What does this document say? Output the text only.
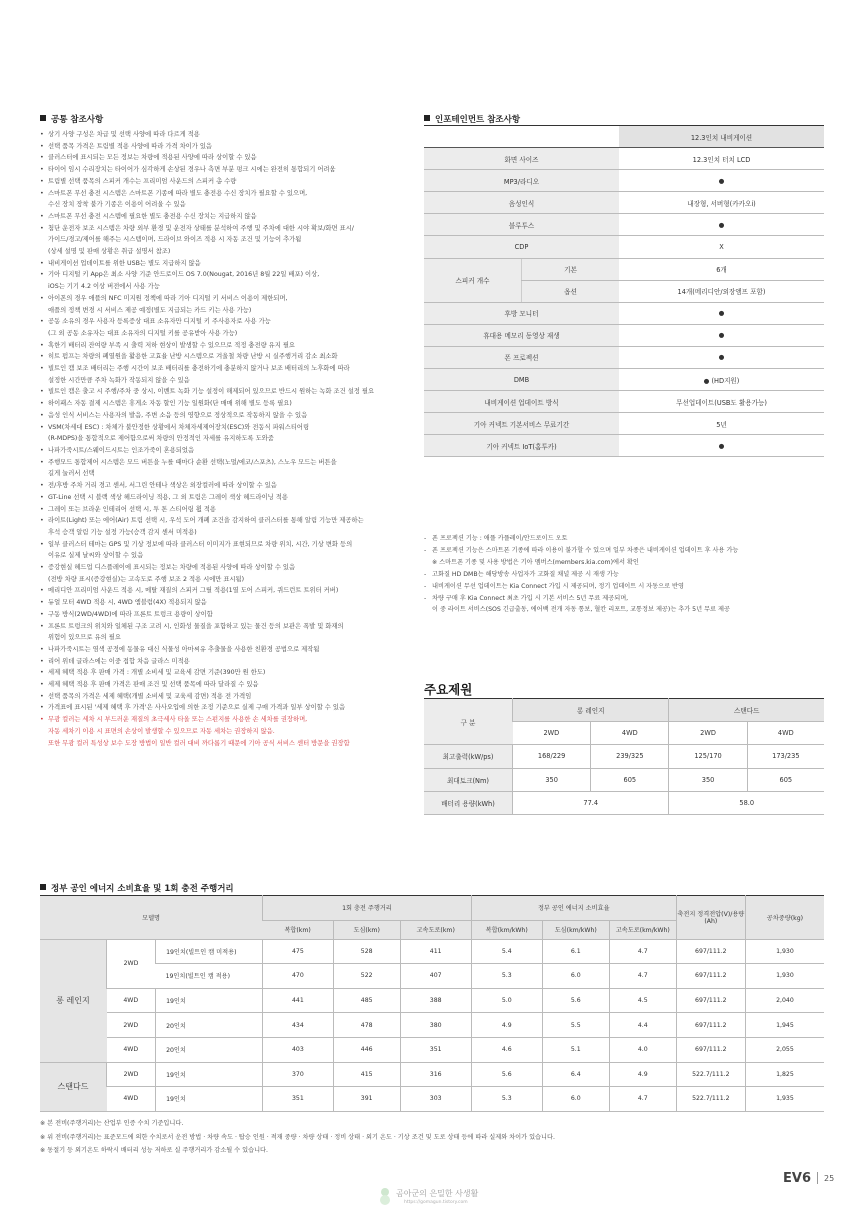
공통 참조사항
• 상기 사양 구성은 차급 및 선택 사양에 따라 다르게 적용
• 선택 품목 가격은 트림별 적용 사양에 따라 가격 차이가 있음
• 클러스터에 표시되는 모든 정보는 차량에 적용된 사양에 따라 상이할 수 있음
• 타이어 임시 수리장치는 타이어가 심각하게 손상된 경우나 측면 부분 펑크 시에는 완전히 통합되기 어려움
• 트림별 선택 품목의 스피커 개수는 프리미엄 사운드의 스피커 총 수량
• 스마트폰 무선 충전 시스템은 스마트폰 기종에 따라 별도 충전용 수신 장치가 필요할 수 있으며,
수신 장치 장착 불가 기종은 이용이 어려울 수 있음
• 스마트폰 무선 충전 시스템에 필요한 별도 충전용 수신 장치는 지급하지 않음
• 첨단 운전자 보조 시스템은 차량 외부 환경 및 운전자 상태를 분석하여 주행 및 주차에 대한 시야 확보/화면 표시/
가이드/경고/제어를 해주는 시스템이며, 드라이브 와이즈 적용 시 자동 조건 및 기능이 추가됨
(상세 설명 및 판매 상황은 취급 설명서 참조)
• 내비게이션 업데이트를 위한 USB는 별도 지급하지 않음
• 기아 디지털 키 App은 최소 사양 기준 안드로이드 OS 7.0(Nougat, 2016년 8월 22일 배포) 이상,
iOS는 기기 4.2 이상 버전에서 사용 가능
• 아이폰의 경우 애플의 NFC 미지원 정책에 따라 기아 디지털 키 서비스 이용이 제한되며,
애플의 정책 변경 시 서비스 제공 예정(별도 지급되는 카드 키는 사용 가능)
• 공동 소유의 경우 사용자 등록증상 대표 소유자만 디지털 키 주사용자로 사용 가능
(그 외 공동 소유자는 대표 소유자의 디지털 키를 공유받아 사용 가능)
• 혹한기 배터리 잔여량 부족 시 출력 저하 현상이 발생할 수 있으므로 적정 충전량 유지 필요
• 히트 펌프는 차량의 폐열원을 활용한 고효율 난방 시스템으로 겨울철 차량 난방 시 실주행거리 감소 최소화
• 빌트인 캠 보조 배터리는 주행 시간이 보조 배터리를 충전하기에 충분하지 않거나 보조 배터리의 노후화에 따라
설정한 시간만큼 주차 녹화가 작동되지 않을 수 있음
• 빌트인 캠은 출고 시 주행/주차 중 상시, 이벤트 녹화 기능 설정이 해제되어 있으므로 반드시 원하는 녹화 조건 설정 필요
• 하이패스 자동 결제 시스템은 휴게소 자동 할인 기능 일원화(단 매매 위해 별도 등록 필요)
• 음성 인식 서비스는 사용자의 발음, 주변 소음 등의 영향으로 정상적으로 작동하지 않을 수 있음
• VSM(차세대 ESC) : 차체가 불안정한 상황에서 차체자세제어장치(ESC)와 전동식 파워스티어링
(R-MDPS)을 통합적으로 제어함으로써 차량의 안정적인 자세를 유지하도록 도와줌
• 나파가죽시트/스웨이드시트는 인조가죽이 혼용되었음
• 주행모드 통합제어 시스템은 모드 버튼을 누를 때마다 순환 선택(노멀/에코/스포츠), 스노우 모드는 버튼을
길게 눌러서 선택
• 전/후방 주차 거리 경고 센서, 서그린 안테나 색상은 외장컬러에 따라 상이할 수 있음
• GT-Line 선택 시 블랙 색상 헤드라이닝 적용, 그 외 트림은 그레이 색상 헤드라이닝 적용
• 그레이 또는 브라운 인테리어 선택 시, 투 톤 스티어링 휠 적용
• 라이트(Light) 또는 에어(Air) 트림 선택 시, 우석 도어 개폐 조건을 감지하여 클러스터를 통해 알림 기능만 제공하는
후석 승객 알림 기능 설정 가능(승객 감지 센서 미적용)
• 일부 클러스터 테마는 GPS 및 기상 정보에 따라 클러스터 이미지가 표현되므로 차량 위치, 시간, 기상 변화 등의
이유로 실제 날씨와 상이할 수 있음
• 증강현실 헤드업 디스플레이에 표시되는 정보는 차량에 적용된 사양에 따라 상이할 수 있음
(전방 차량 표시(증강현실)는 고속도로 주행 보조 2 적용 시에만 표시됨)
• 메리디안 프리미엄 사운드 적용 시, 메탈 재질의 스피커 그릴 적용(1열 도어 스피커, 퀴드런트 트위터 커버)
• 듀얼 모터 4WD 적용 시, 4WD 엠블럼(4X) 적용되지 않음
• 구동 방식(2WD/4WD)에 따라 프론트 트렁크 용량이 상이함
• 프론트 트렁크의 위치와 일체된 구조 고려 시, 인화성 물질을 포함하고 있는 물건 등의 보관은 폭발 및 화재의
위험이 있으므로 유의 필요
• 나파가죽시트는 염색 공정에 동물유 대신 식물성 아마씨유 추출물을 사용한 친환경 공법으로 제작됨
• 리어 위데 글라스에는 이중 접합 차음 글라스 미적용
• 세제 혜택 적용 후 판매 가격 : 개별 소비세 및 교육세 감면 기준(390만 원 한도)
• 세제 혜택 적용 후 판매 가격은 판매 조건 및 선택 품목에 따라 달라질 수 있음
• 선택 품목의 가격은 세제 혜택(개별 소비세 및 교육세 감면) 적용 전 가격임
• 가격표에 표시된 '세제 혜택 후 가격'은 사사오입에 의한 조정 기준으로 실제 구매 가격과 일부 상이할 수 있음
• 무광 컬러는 세차 시 부드러운 재질의 초극세사 타올 또는 스펀지를 사용한 손 세차를 권장하며,
자동 세차기 이용 시 표면의 손상이 발생할 수 있으므로 자동 세차는 권장하지 않음.
또한 무광 컬러 특성상 보수 도장 방법이 일반 컬러 대비 까다롭기 때문에 기아 공식 서비스 센터 방문을 권장함
인포테인먼트 참조사항
		12.3인치 내비게이션
화면 사이즈		12.3인치 터치 LCD
MP3/라디오		●
음성인식		내장형, 서버형(카카오i)
블루투스		●
CDP		X
스피커 개수	기본	6개
	옵션	14개(메리디안/외장앰프 포함)
후방 모니터		●
휴대용 메모리 동영상 재생		●
폰 프로젝션		●
DMB		● (HD지원)
내비게이션 업데이트 방식		무선업데이트(USB도 활용가능)
기아 커넥트 기본서비스 무료기간		5년
기아 커넥트 IoT(홈투카)		●
- 폰 프로젝션 기능 : 애플 카플레이/안드로이드 오토
- 폰 프로젝션 기능은 스마트폰 기종에 따라 이용이 불가할 수 있으며 일부 차종은 내비게이션 업데이트 후 사용 가능
※ 스마트폰 기종 및 사용 방법은 기아 멤버스(members.kia.com)에서 확인
- 고화질 HD DMB는 해당방송 사업자가 고화질 채널 제공 시 재생 가능
- 내비게이션 무선 업데이트는 Kia Connect 가입 시 제공되며, 정기 업데이트 시 자동으로 반영
- 차량 구매 후 Kia Connect 최초 가입 시 기본 서비스 5년 무료 제공되며,
이 중 라이트 서비스(SOS 긴급출동, 에어백 전개 자동 통보, 혈칸 리포트, 교통정보 제공)는 추가 5년 무료 제공
주요제원
구 분	롱 레인지		스탠다드	
	2WD	4WD	2WD	4WD
최고출력(kW/ps)	168/229	239/325	125/170	173/235
최대토크(Nm)	350	605	350	605
배터리 용량(kWh)	77.4		58.0	
정부 공인 에너지 소비효율 및 1회 충전 주행거리
모델명			1회 충전 주행거리			정부 공인 에너지 소비효율			축전지 정격전압(V)/용량(Ah)	공차중량(kg)
			복합(km)	도심(km)	고속도로(km)	복합(km/kWh)	도심(km/kWh)	고속도로(km/kWh)		
롱 레인지	2WD	19인치(빌트인 캠 미적용)	475	528	411	5.4	6.1	4.7	697/111.2	1,930
		19인치(빌트인 캠 적용)	470	522	407	5.3	6.0	4.7	697/111.2	1,930
	4WD	19인치	441	485	388	5.0	5.6	4.5	697/111.2	2,040
	2WD	20인치	434	478	380	4.9	5.5	4.4	697/111.2	1,945
	4WD	20인치	403	446	351	4.6	5.1	4.0	697/111.2	2,055
스탠다드	2WD	19인치	370	415	316	5.6	6.4	4.9	522.7/111.2	1,825
	4WD	19인치	351	391	303	5.3	6.0	4.7	522.7/111.2	1,935

※ 본 전비(주행거리)는 산업부 인증 수치 기준입니다.

※ 위 전비(주행거리)는 표준모드에 의한 수치로서 운전 방법 · 차량 속도 · 탑승 인원 · 적재 중량 · 차량 상태 · 정비 상태 · 외기 온도 · 기상 조건 및 도로 상태 등에 따라 실제와 차이가 있습니다.

※ 동절기 등 외기온도 하락시 배터리 성능 저하로 실 주행거리가 감소될 수 있습니다.

EV6 25
곰아군의 은밀한 사생활
https://gomagun.tistory.com
